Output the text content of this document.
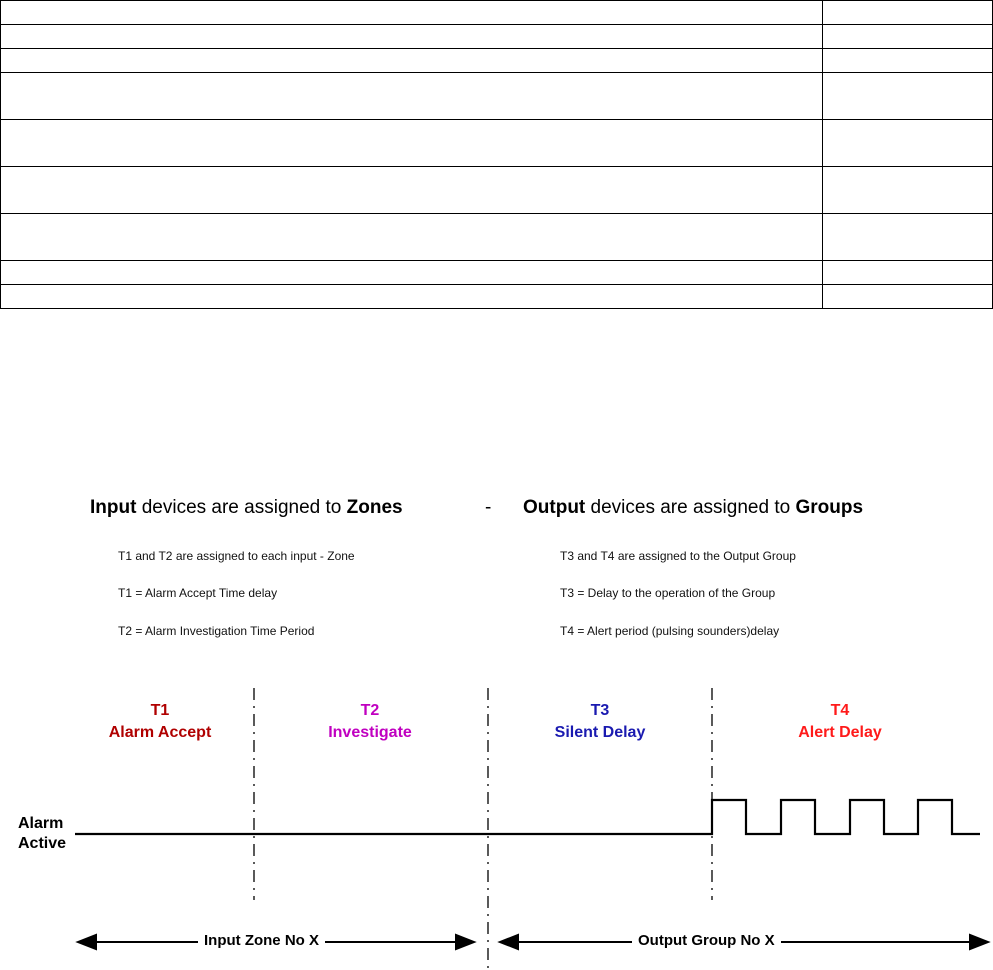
Input devices are assigned to Zones	- Output devices are assigned to Groups
T1 and T2 are assigned to each input - Zone
T1 = Alarm Accept Time delay
T2 = Alarm Investigation Time Period
T3 and T4 are assigned to the Output Group
T3 = Delay to the operation of the Group
T4 = Alert period (pulsing sounders)delay
T1
Alarm Accept
T2
Investigate
T3
Silent Delay
T4
Alert Delay
Alarm
Active
Input Zone No X	Output Group No X
